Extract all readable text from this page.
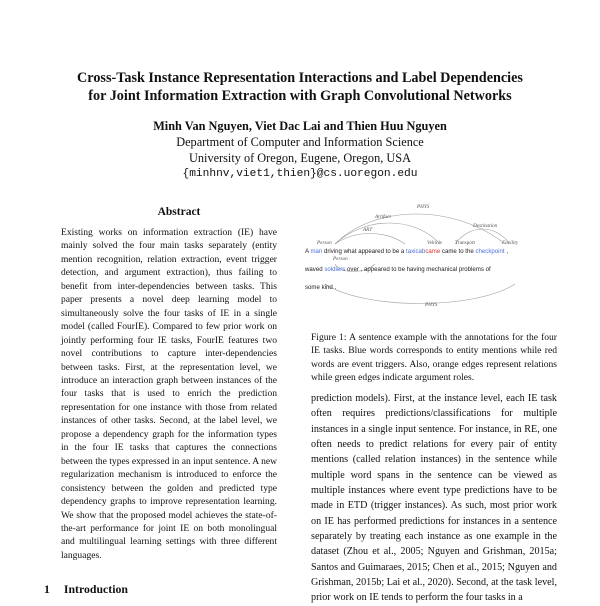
Cross-Task Instance Representation Interactions and Label Dependencies
for Joint Information Extraction with Graph Convolutional Networks
Minh Van Nguyen, Viet Dac Lai and Thien Huu Nguyen
Department of Computer and Information Science
University of Oregon, Eugene, Oregon, USA
{minhnv,viet1,thien}@cs.uoregon.edu
Abstract

Existing works on information extraction (IE) have mainly solved the four main tasks separately (entity mention recognition, relation extraction, event trigger detection, and argument extraction), thus failing to benefit from inter-dependencies between tasks. This paper presents a novel deep learning model to simultaneously solve the four tasks of IE in a single model (called FourIE). Compared to few prior work on jointly performing four IE tasks, FourIE features two novel contributions to capture inter-dependencies between tasks. First, at the representation level, we introduce an interaction graph between instances of the four tasks that is used to enrich the prediction representation for one instance with those from related instances of other tasks. Second, at the label level, we propose a dependency graph for the information types in the four IE tasks that captures the connections between the types expressed in an input sentence. A new regularization mechanism is introduced to enforce the consistency between the golden and predicted type dependency graphs to improve representation learning. We show that the proposed model achieves the state-of-the-art performance for joint IE on both monolingual and multilingual learning settings with three different languages.

1 Introduction
PHYS
Artifact
Destination
ART
Person	Vehicle	Transport	Facility
Person
PHYS
A man driving what appeared to be a taxicabcame came to the checkpoint ,
waved soldiers over , appeared to be having mechanical problems of
some kind .
Figure 1: A sentence example with the annotations for the four IE tasks. Blue words corresponds to entity mentions while red words are event triggers. Also, orange edges represent relations while green edges indicate argument roles.

prediction models). First, at the instance level, each IE task often requires predictions/classifications for multiple instances in a single input sentence. For instance, in RE, one often needs to predict relations for every pair of entity mentions (called relation instances) in the sentence while multiple word spans in the sentence can be viewed as multiple instances where event type predictions have to be made in ETD (trigger instances). As such, most prior work on IE has performed predictions for instances in a sentence separately by treating each instance as one example in the dataset (Zhou et al., 2005; Nguyen and Grishman, 2015a; Santos and Guimaraes, 2015; Chen et al., 2015; Nguyen and Grishman, 2015b; Lai et al., 2020). Second, at the task level, prior work on IE tends to perform the four tasks in a
